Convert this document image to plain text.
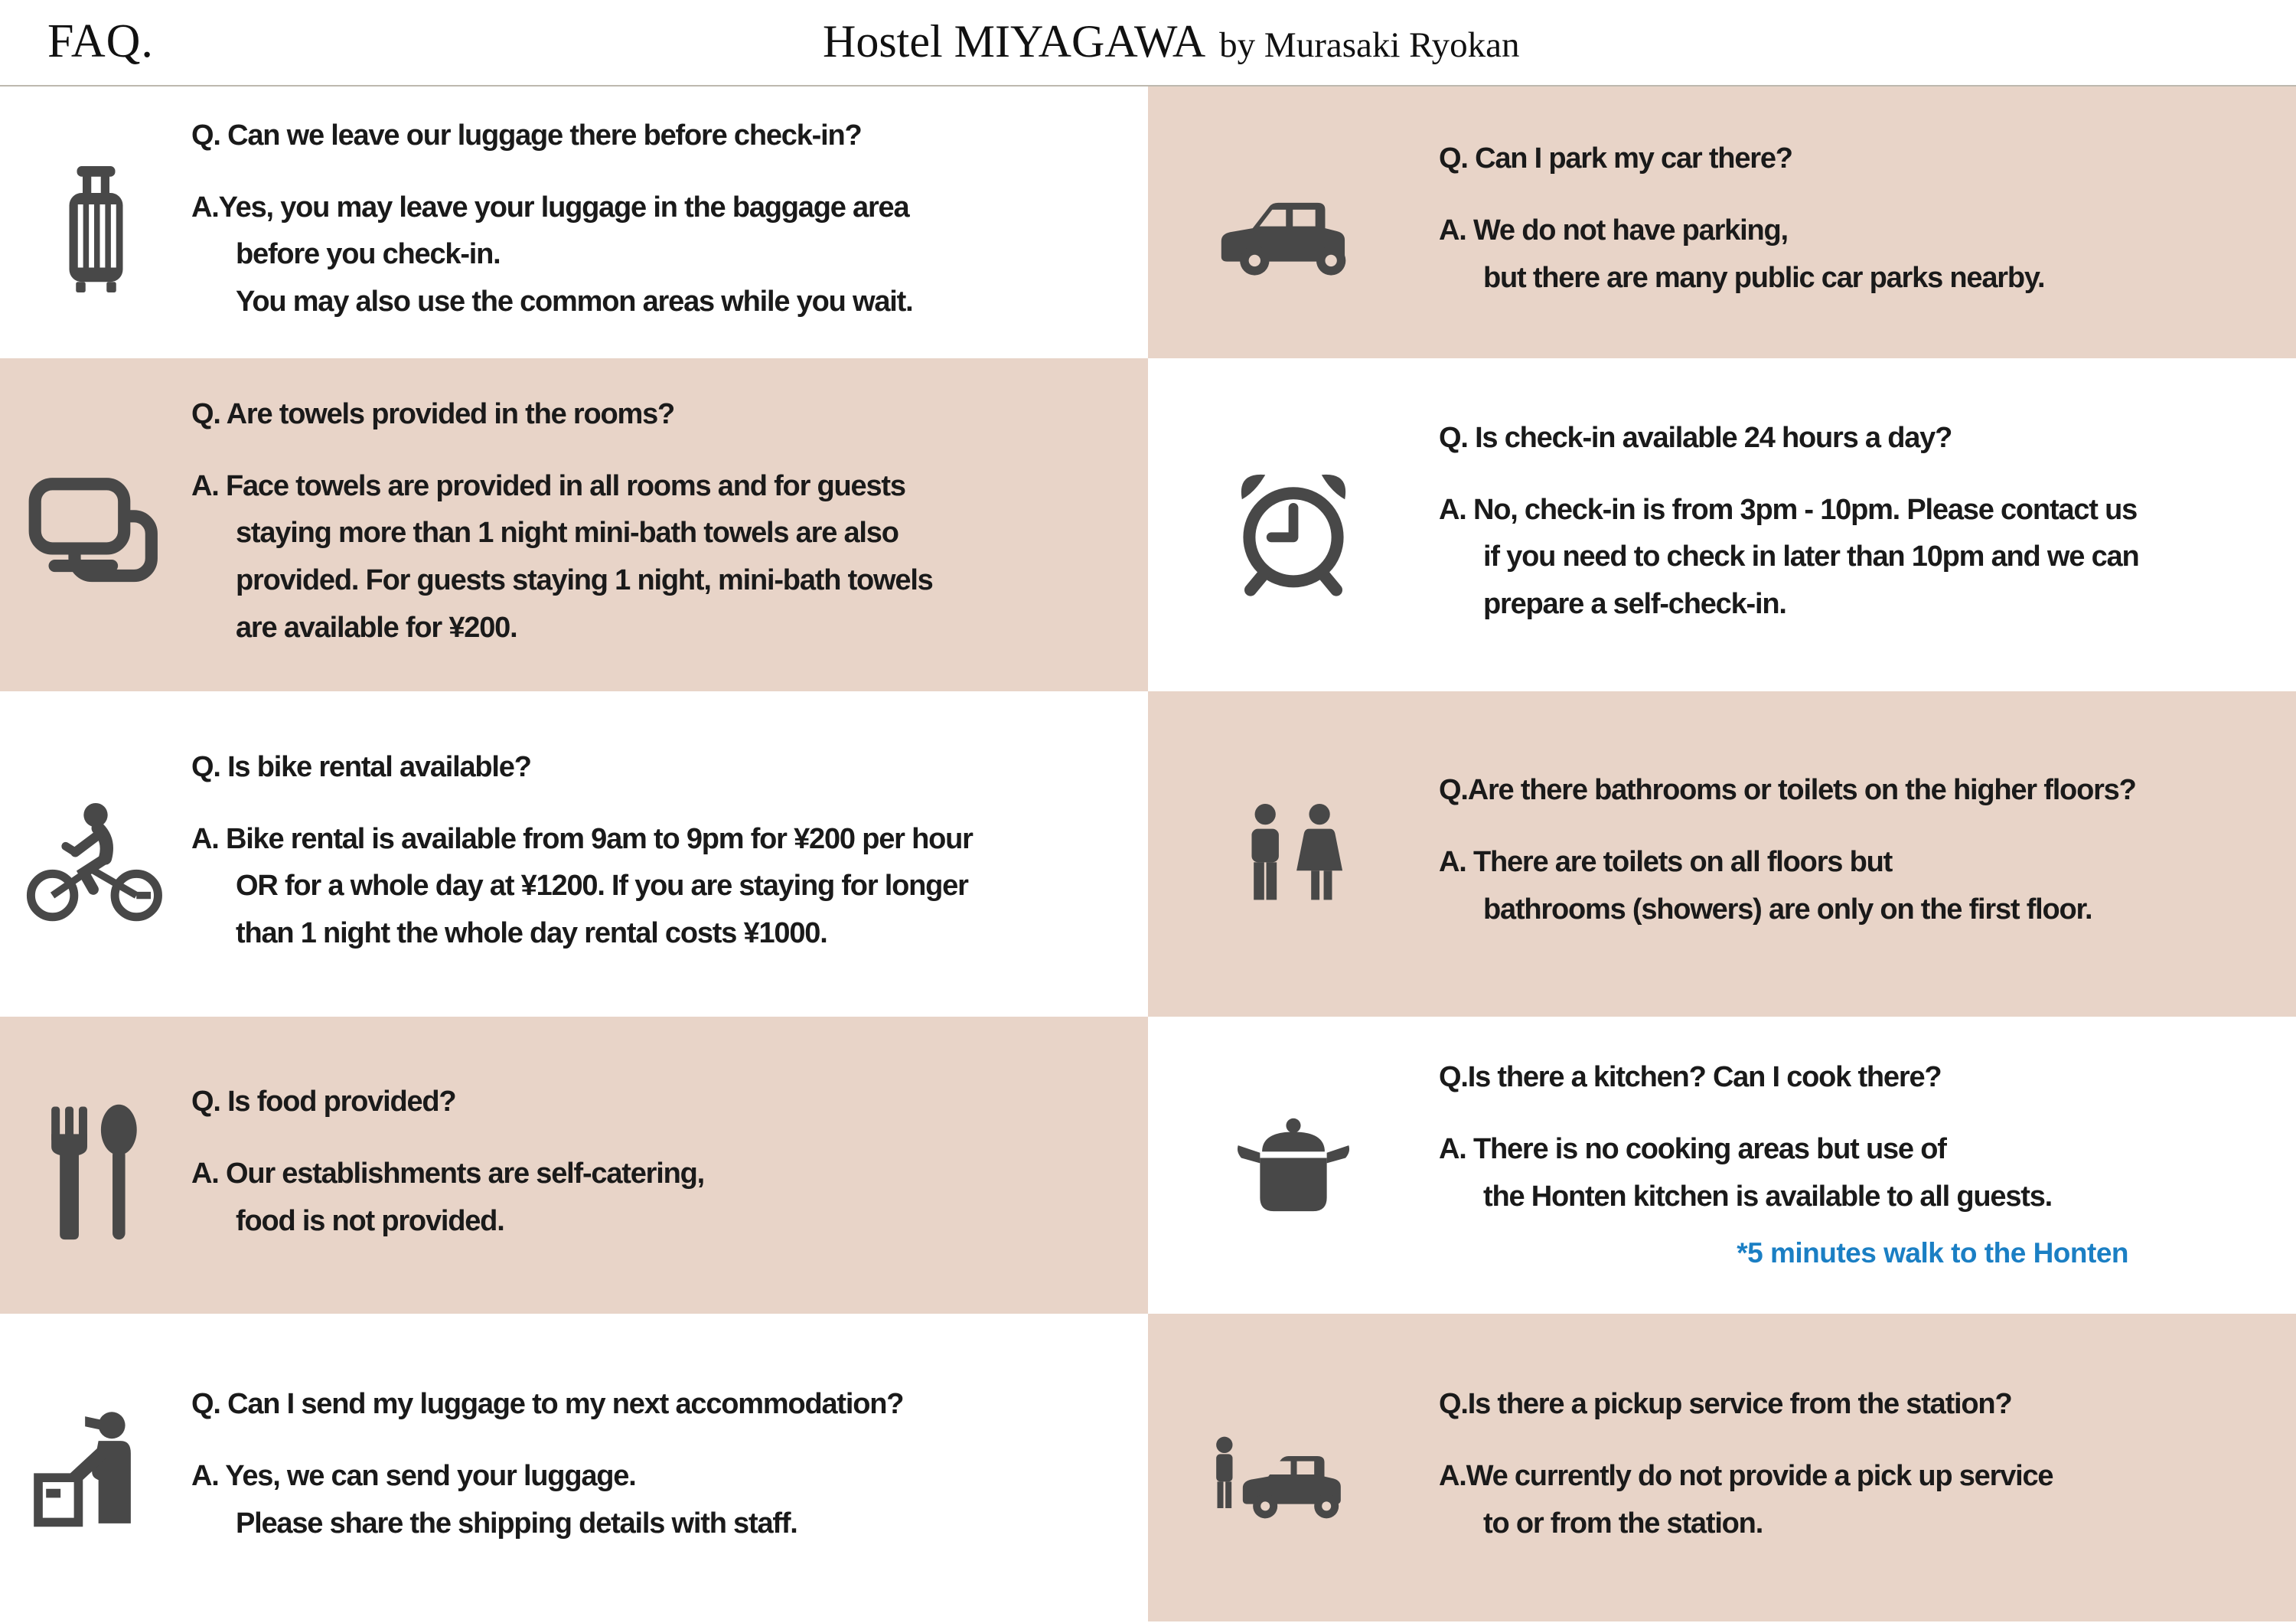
FAQ.	Hostel MIYAGAWA by Murasaki Ryokan
Q. Can we leave our luggage there before check-in?
A.Yes, you may leave your luggage in the baggage area
before you check-in.
You may also use the common areas while you wait.
Q. Can I park my car there?
A. We do not have parking,
but there are many public car parks nearby.
Q. Are towels provided in the rooms?
A. Face towels are provided in all rooms and for guests
staying more than 1 night mini-bath towels are also
provided. For guests staying 1 night, mini-bath towels
are available for ¥200.
Q. Is check-in available 24 hours a day?
A. No, check-in is from 3pm - 10pm. Please contact us
if you need to check in later than 10pm and we can
prepare a self-check-in.
Q. Is bike rental available?
A. Bike rental is available from 9am to 9pm for ¥200 per hour
OR for a whole day at ¥1200. If you are staying for longer
than 1 night the whole day rental costs ¥1000.
Q.Are there bathrooms or toilets on the higher floors?
A. There are toilets on all floors but
bathrooms (showers) are only on the first floor.
Q. Is food provided?
A. Our establishments are self-catering,
food is not provided.
Q.Is there a kitchen? Can I cook there?
A. There is no cooking areas but use of
the Honten kitchen is available to all guests.
*5 minutes walk to the Honten
Q. Can I send my luggage to my next accommodation?
A. Yes, we can send your luggage.
Please share the shipping details with staff.
Q.Is there a pickup service from the station?
A.We currently do not provide a pick up service
to or from the station.
